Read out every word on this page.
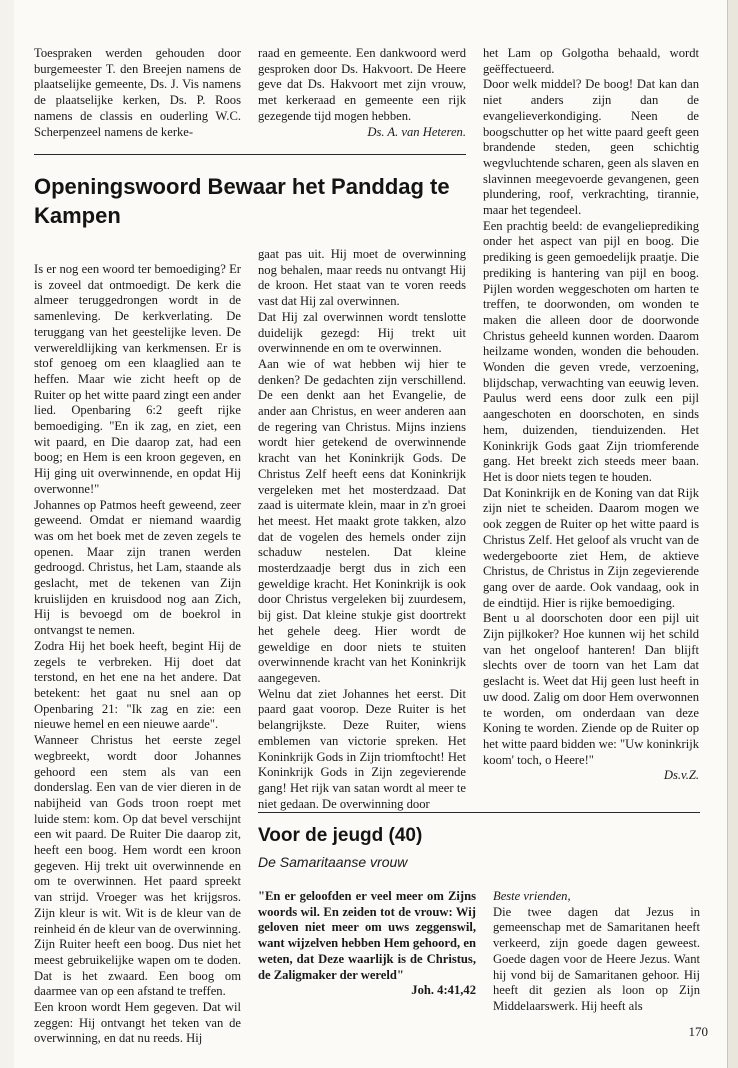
Toespraken werden gehouden door burgemeester T. den Breejen namens de plaatselijke gemeente, Ds. J. Vis namens de plaatselijke kerken, Ds. P. Roos namens de classis en ouderling W.C. Scherpenzeel namens de kerke-

raad en gemeente. Een dankwoord werd gesproken door Ds. Hakvoort. De Heere geve dat Ds. Hakvoort met zijn vrouw, met kerkeraad en gemeente een rijk gezegende tijd mogen hebben.

Ds. A. van Heteren.
Openingswoord Bewaar het Panddag te Kampen

Is er nog een woord ter bemoediging? Er is zoveel dat ontmoedigt. De kerk die almeer teruggedrongen wordt in de samenleving. De kerkverlating. De teruggang van het geestelijke leven. De verwereldlijking van kerkmensen. Er is stof genoeg om een klaaglied aan te heffen. Maar wie zicht heeft op de Ruiter op het witte paard zingt een ander lied. Openbaring 6:2 geeft rijke bemoediging. "En ik zag, en ziet, een wit paard, en Die daarop zat, had een boog; en Hem is een kroon gegeven, en Hij ging uit overwinnende, en opdat Hij overwonne!"

Johannes op Patmos heeft geweend, zeer geweend. Omdat er niemand waardig was om het boek met de zeven zegels te openen. Maar zijn tranen werden gedroogd. Christus, het Lam, staande als geslacht, met de tekenen van Zijn kruislijden en kruisdood nog aan Zich, Hij is bevoegd om de boekrol in ontvangst te nemen.

Zodra Hij het boek heeft, begint Hij de zegels te verbreken. Hij doet dat terstond, en het ene na het andere. Dat betekent: het gaat nu snel aan op Openbaring 21: "Ik zag en zie: een nieuwe hemel en een nieuwe aarde".

Wanneer Christus het eerste zegel wegbreekt, wordt door Johannes gehoord een stem als van een donderslag. Een van de vier dieren in de nabijheid van Gods troon roept met luide stem: kom. Op dat bevel verschijnt een wit paard. De Ruiter Die daarop zit, heeft een boog. Hem wordt een kroon gegeven. Hij trekt uit overwinnende en om te overwinnen. Het paard spreekt van strijd. Vroeger was het krijgsros. Zijn kleur is wit. Wit is de kleur van de reinheid én de kleur van de overwinning. Zijn Ruiter heeft een boog. Dus niet het meest gebruikelijke wapen om te doden. Dat is het zwaard. Een boog om daarmee van op een afstand te treffen.

Een kroon wordt Hem gegeven. Dat wil zeggen: Hij ontvangt het teken van de overwinning, en dat nu reeds. Hij

gaat pas uit. Hij moet de overwinning nog behalen, maar reeds nu ontvangt Hij de kroon. Het staat van te voren reeds vast dat Hij zal overwinnen.

Dat Hij zal overwinnen wordt tenslotte duidelijk gezegd: Hij trekt uit overwinnende en om te overwinnen.

Aan wie of wat hebben wij hier te denken? De gedachten zijn verschillend. De een denkt aan het Evangelie, de ander aan Christus, en weer anderen aan de regering van Christus. Mijns inziens wordt hier getekend de overwinnende kracht van het Koninkrijk Gods. De Christus Zelf heeft eens dat Koninkrijk vergeleken met het mosterdzaad. Dat zaad is uitermate klein, maar in z'n groei het meest. Het maakt grote takken, alzo dat de vogelen des hemels onder zijn schaduw nestelen. Dat kleine mosterdzaadje bergt dus in zich een geweldige kracht. Het Koninkrijk is ook door Christus vergeleken bij zuurdesem, bij gist. Dat kleine stukje gist doortrekt het gehele deeg. Hier wordt de geweldige en door niets te stuiten overwinnende kracht van het Koninkrijk aangegeven.

Welnu dat ziet Johannes het eerst. Dit paard gaat voorop. Deze Ruiter is het belangrijkste. Deze Ruiter, wiens emblemen van victorie spreken. Het Koninkrijk Gods in Zijn triomftocht! Het Koninkrijk Gods in Zijn zegevierende gang! Het rijk van satan wordt al meer te niet gedaan. De overwinning door

het Lam op Golgotha behaald, wordt geëffectueerd.

Door welk middel? De boog! Dat kan dan niet anders zijn dan de evangelieverkondiging. Neen de boogschutter op het witte paard geeft geen brandende steden, geen schichtig wegvluchtende scharen, geen als slaven en slavinnen meegevoerde gevangenen, geen plundering, roof, verkrachting, tirannie, maar het tegendeel.

Een prachtig beeld: de evangelieprediking onder het aspect van pijl en boog. Die prediking is geen gemoedelijk praatje. Die prediking is hantering van pijl en boog. Pijlen worden weggeschoten om harten te treffen, te doorwonden, om wonden te maken die alleen door de doorwonde Christus geheeld kunnen worden. Daarom heilzame wonden, wonden die behouden. Wonden die geven vrede, verzoening, blijdschap, verwachting van eeuwig leven. Paulus werd eens door zulk een pijl aangeschoten en doorschoten, en sinds hem, duizenden, tienduizenden. Het Koninkrijk Gods gaat Zijn triomferende gang. Het breekt zich steeds meer baan. Het is door niets tegen te houden.

Dat Koninkrijk en de Koning van dat Rijk zijn niet te scheiden. Daarom mogen we ook zeggen de Ruiter op het witte paard is Christus Zelf. Het geloof als vrucht van de wedergeboorte ziet Hem, de aktieve Christus, de Christus in Zijn zegevierende gang over de aarde. Ook vandaag, ook in de eindtijd. Hier is rijke bemoediging.

Bent u al doorschoten door een pijl uit Zijn pijlkoker? Hoe kunnen wij het schild van het ongeloof hanteren! Dan blijft slechts over de toorn van het Lam dat geslacht is. Weet dat Hij geen lust heeft in uw dood. Zalig om door Hem overwonnen te worden, om onderdaan van deze Koning te worden. Ziende op de Ruiter op het witte paard bidden we: "Uw koninkrijk koom' toch, o Heere!"

Ds.v.Z.
Voor de jeugd (40)
De Samaritaanse vrouw

"En er geloofden er veel meer om Zijns woords wil. En zeiden tot de vrouw: Wij geloven niet meer om uws zeggenswil, want wijzelven hebben Hem gehoord, en weten, dat Deze waarlijk is de Christus, de Zaligmaker der wereld"

Joh. 4:41,42

Beste vrienden,

Die twee dagen dat Jezus in gemeenschap met de Samaritanen heeft verkeerd, zijn goede dagen geweest. Goede dagen voor de Heere Jezus. Want hij vond bij de Samaritanen gehoor. Hij heeft dit gezien als loon op Zijn Middelaarswerk. Hij heeft als

170
